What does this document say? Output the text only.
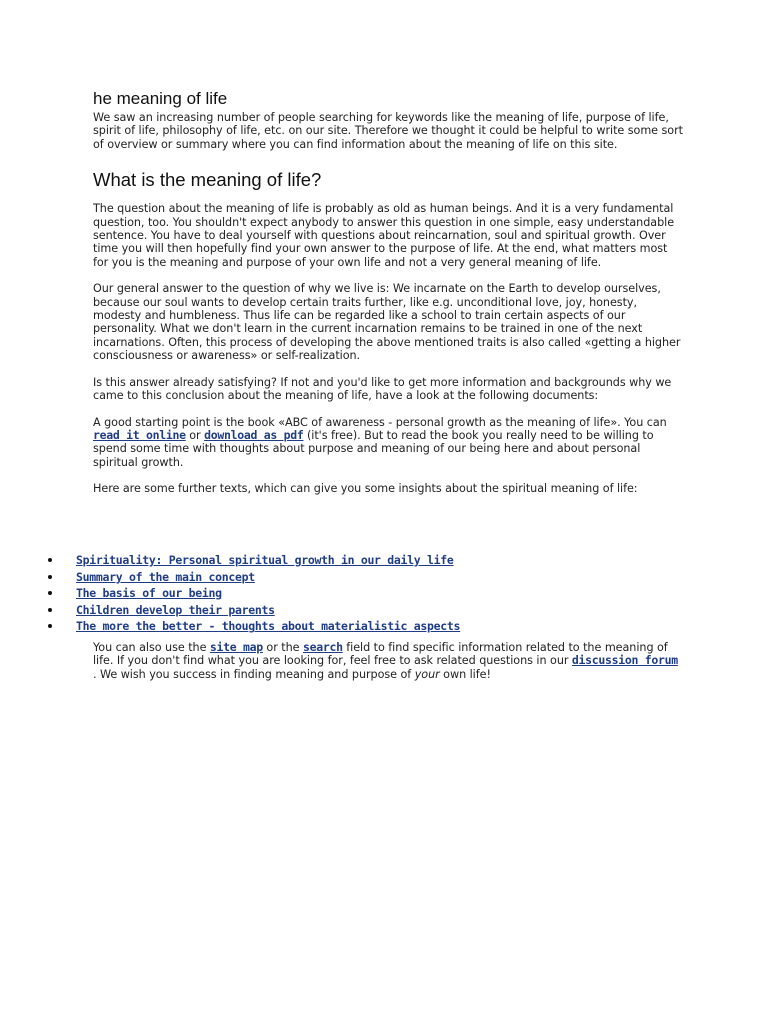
he meaning of life

We saw an increasing number of people searching for keywords like the meaning of life, purpose of life, spirit of life, philosophy of life, etc. on our site. Therefore we thought it could be helpful to write some sort of overview or summary where you can find information about the meaning of life on this site.

What is the meaning of life?

The question about the meaning of life is probably as old as human beings. And it is a very fundamental question, too. You shouldn't expect anybody to answer this question in one simple, easy understandable sentence. You have to deal yourself with questions about reincarnation, soul and spiritual growth. Over time you will then hopefully find your own answer to the purpose of life. At the end, what matters most for you is the meaning and purpose of your own life and not a very general meaning of life.

Our general answer to the question of why we live is: We incarnate on the Earth to develop ourselves, because our soul wants to develop certain traits further, like e.g. unconditional love, joy, honesty, modesty and humbleness. Thus life can be regarded like a school to train certain aspects of our personality. What we don't learn in the current incarnation remains to be trained in one of the next incarnations. Often, this process of developing the above mentioned traits is also called «getting a higher consciousness or awareness» or self-realization.

Is this answer already satisfying? If not and you'd like to get more information and backgrounds why we came to this conclusion about the meaning of life, have a look at the following documents:

A good starting point is the book «ABC of awareness - personal growth as the meaning of life». You can read it online or download as pdf (it's free). But to read the book you really need to be willing to spend some time with thoughts about purpose and meaning of our being here and about personal spiritual growth.

Here are some further texts, which can give you some insights about the spiritual meaning of life:

Spirituality: Personal spiritual growth in our daily life
Summary of the main concept
The basis of our being
Children develop their parents
The more the better - thoughts about materialistic aspects

You can also use the site map or the search field to find specific information related to the meaning of life. If you don't find what you are looking for, feel free to ask related questions in our discussion forum . We wish you success in finding meaning and purpose of your own life!
